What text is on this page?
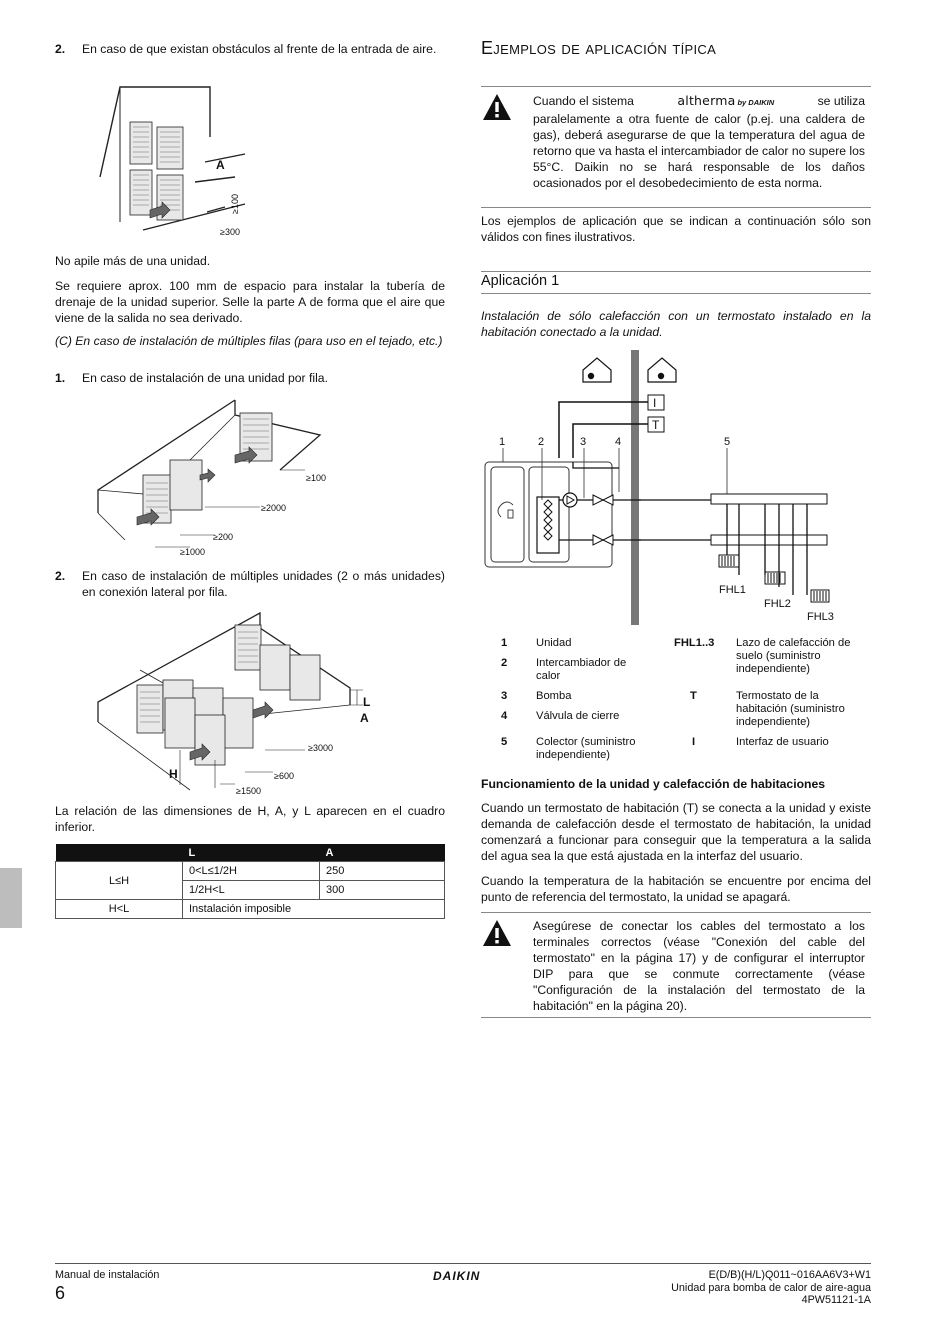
2. En caso de que existan obstáculos al frente de la entrada de aire.
A
≥100
≥300
No apile más de una unidad.
Se requiere aprox. 100 mm de espacio para instalar la tubería de drenaje de la unidad superior. Selle la parte A de forma que el aire que viene de la salida no sea derivado.
(C) En caso de instalación de múltiples filas (para uso en el tejado, etc.)
1. En caso de instalación de una unidad por fila.
≥100
≥2000
≥200
≥1000
2. En caso de instalación de múltiples unidades (2 o más unidades) en conexión lateral por fila.
L
A
H
≥3000
≥600
≥1500
La relación de las dimensiones de H, A, y L aparecen en el cuadro inferior.
	L	A
L≤H	0<L≤1/2H	250
	1/2H<L	300
H<L	Instalación imposible	
Ejemplos de aplicación típica
Cuando el sistema	altherma by DAIKIN	se utiliza
paralelamente a otra fuente de calor (p.ej. una caldera de gas), deberá asegurarse de que la temperatura del agua de retorno que va hasta el intercambiador de calor no supere los 55°C. Daikin no se hará responsable de los daños ocasionados por el desobedecimiento de esta norma.
Los ejemplos de aplicación que se indican a continuación sólo son válidos con fines ilustrativos.
Aplicación 1
Instalación de sólo calefacción con un termostato instalado en la habitación conectado a la unidad.
I
T
1	2	3	4	5
FHL1
FHL2
FHL3
1	Unidad
2	Intercambiador de calor
3	Bomba
4	Válvula de cierre
5	Colector (suministro independiente)
FHL1..3 Lazo de calefacción de suelo (suministro independiente)
T	Termostato de la habitación (suministro independiente)
I	Interfaz de usuario
Funcionamiento de la unidad y calefacción de habitaciones
Cuando un termostato de habitación (T) se conecta a la unidad y existe demanda de calefacción desde el termostato de habitación, la unidad comenzará a funcionar para conseguir que la temperatura a la salida del agua sea la que está ajustada en la interfaz del usuario.
Cuando la temperatura de la habitación se encuentre por encima del punto de referencia del termostato, la unidad se apagará.
Asegúrese de conectar los cables del termostato a los terminales correctos (véase "Conexión del cable del termostato" en la página 17) y de configurar el interruptor DIP para que se conmute correctamente (véase "Configuración de la instalación del termostato de la habitación" en la página 20).
Manual de instalación
6
DAIKIN	E(D/B)(H/L)Q011~016AA6V3+W1
Unidad para bomba de calor de aire-agua
4PW51121-1A
